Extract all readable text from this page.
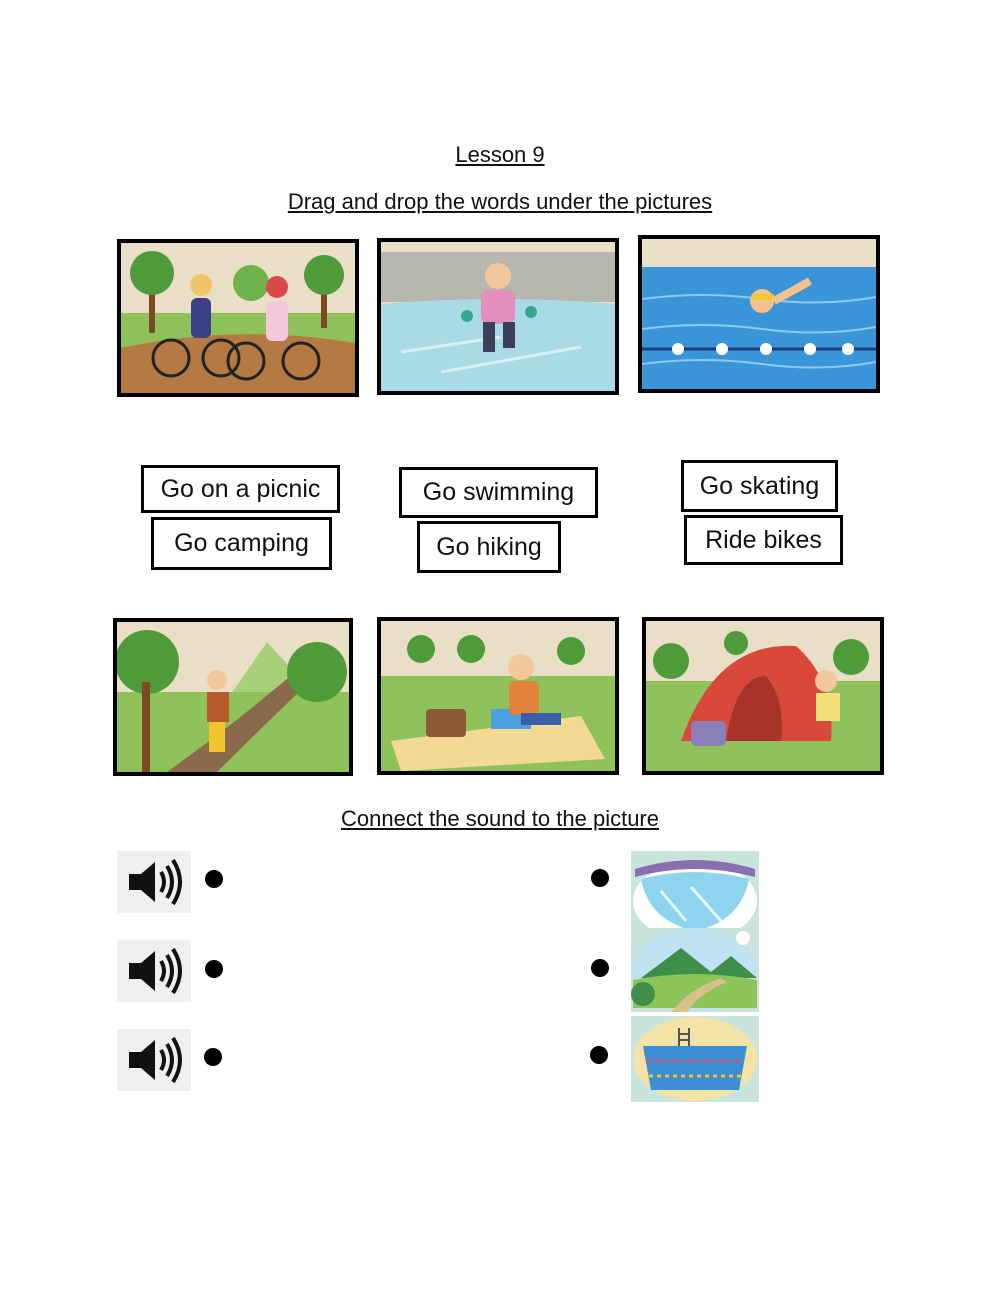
Lesson 9
Drag and drop the words under the pictures
Go on a picnic	Go swimming	Go skating
Go camping	Go hiking	Ride bikes
Connect the sound to the picture
